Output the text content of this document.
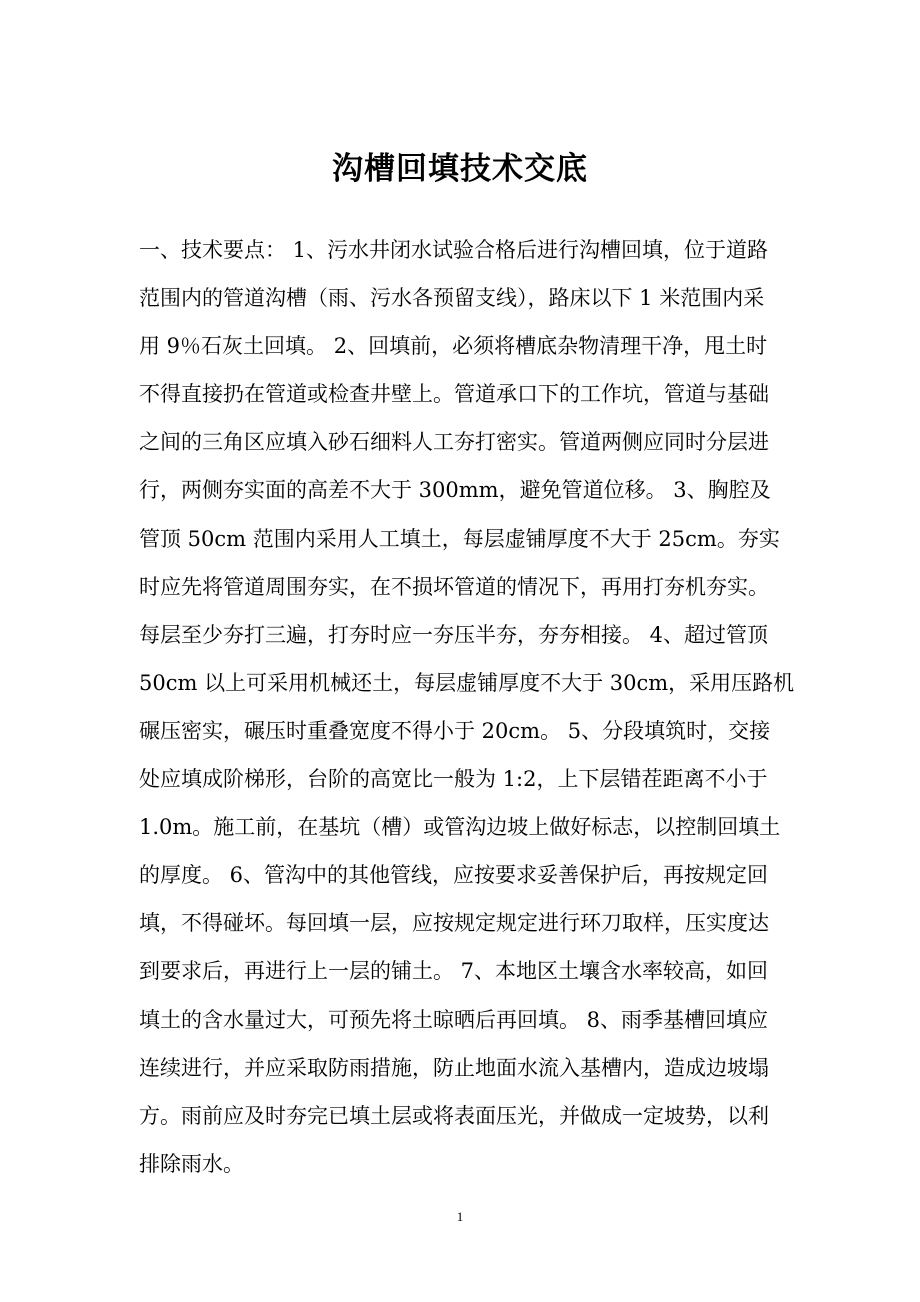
沟槽回填技术交底
一、技术要点： 1、污水井闭水试验合格后进行沟槽回填，位于道路
范围内的管道沟槽（雨、污水各预留支线），路床以下 1 米范围内采
用 9％石灰土回填。 2、回填前，必须将槽底杂物清理干净，甩土时
不得直接扔在管道或检查井壁上。管道承口下的工作坑，管道与基础
之间的三角区应填入砂石细料人工夯打密实。管道两侧应同时分层进
行，两侧夯实面的高差不大于 300mm，避免管道位移。 3、胸腔及
管顶 50cm 范围内采用人工填土，每层虚铺厚度不大于 25cm。夯实
时应先将管道周围夯实，在不损坏管道的情况下，再用打夯机夯实。
每层至少夯打三遍，打夯时应一夯压半夯，夯夯相接。 4、超过管顶
50cm 以上可采用机械还土，每层虚铺厚度不大于 30cm，采用压路机
碾压密实，碾压时重叠宽度不得小于 20cm。 5、分段填筑时，交接
处应填成阶梯形，台阶的高宽比一般为 1:2，上下层错茬距离不小于
1.0m。施工前，在基坑（槽）或管沟边坡上做好标志，以控制回填土
的厚度。 6、管沟中的其他管线，应按要求妥善保护后，再按规定回
填，不得碰坏。每回填一层，应按规定规定进行环刀取样，压实度达
到要求后，再进行上一层的铺土。 7、本地区土壤含水率较高，如回
填土的含水量过大，可预先将土晾晒后再回填。 8、雨季基槽回填应
连续进行，并应采取防雨措施，防止地面水流入基槽内，造成边坡塌
方。雨前应及时夯完已填土层或将表面压光，并做成一定坡势，以利
排除雨水。
1
